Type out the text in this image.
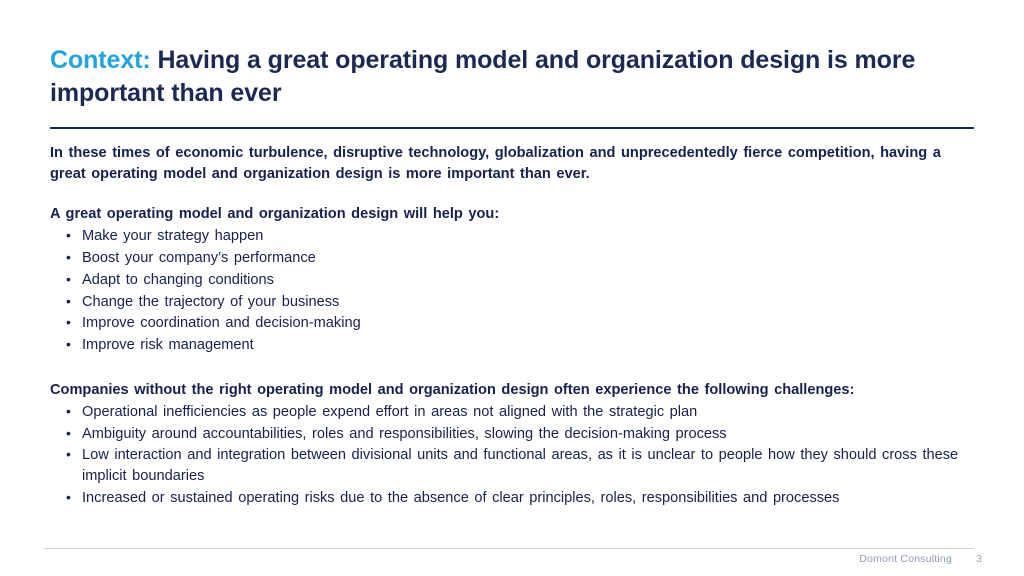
Context: Having a great operating model and organization design is more important than ever

In these times of economic turbulence, disruptive technology, globalization and unprecedentedly fierce competition, having a great operating model and organization design is more important than ever.

A great operating model and organization design will help you:

• Make your strategy happen
• Boost your company’s performance
• Adapt to changing conditions
• Change the trajectory of your business
• Improve coordination and decision-making
• Improve risk management

Companies without the right operating model and organization design often experience the following challenges:

• Operational inefficiencies as people expend effort in areas not aligned with the strategic plan
• Ambiguity around accountabilities, roles and responsibilities, slowing the decision-making process
• Low interaction and integration between divisional units and functional areas, as it is unclear to people how they should cross these implicit boundaries
• Increased or sustained operating risks due to the absence of clear principles, roles, responsibilities and processes
Domont Consulting 3
